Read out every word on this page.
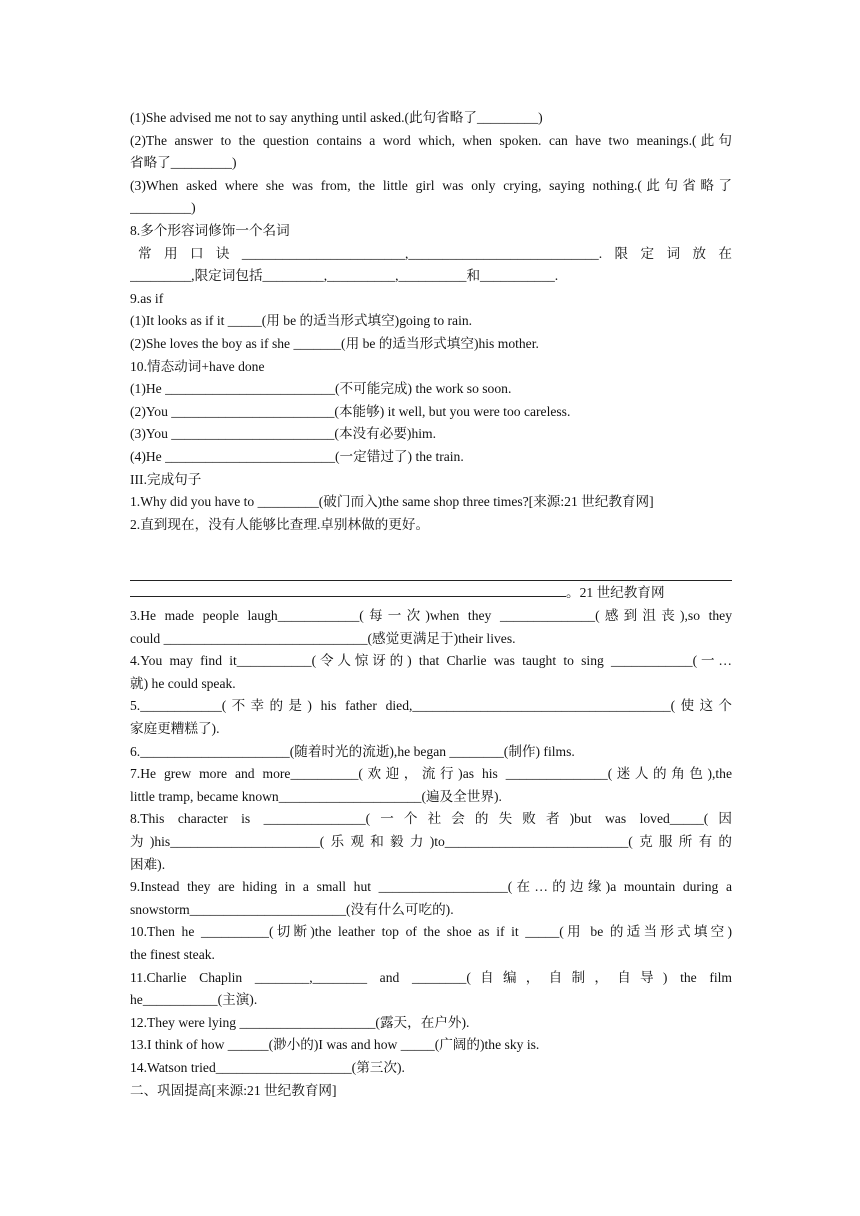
(1)She advised me not to say anything until asked.(此句省略了_________)
(2)The answer to the question contains a word which, when spoken. can have two meanings.(此句
省略了_________)
(3)When asked where she was from, the little girl was only crying, saying nothing.(此句省略了
_________)
8.多个形容词修饰一个名词
常用口诀________________________,____________________________.限定词放在
_________,限定词包括_________,__________,__________和___________.
9.as if
(1)It looks as if it _____(用 be 的适当形式填空)going to rain.
(2)She loves the boy as if she _______(用 be 的适当形式填空)his mother.
10.情态动词+have done
(1)He _________________________(不可能完成) the work so soon.
(2)You ________________________(本能够) it well, but you were too careless.
(3)You ________________________(本没有必要)him.
(4)He _________________________(一定错过了) the train.
III.完成句子
1.Why did you have to _________(破门而入)the same shop three times?[来源:21 世纪教育网]
2.直到现在，没有人能够比查理.卓别林做的更好。
。21 世纪教育网
3.He made people laugh____________(每一次)when they ______________(感到沮丧),so they
could ______________________________(感觉更满足于)their lives.
4.You may find it___________(令人惊讶的) that Charlie was taught to sing ____________(一…
就) he could speak.
5.____________(不幸的是) his father died,______________________________________(使这个
家庭更糟糕了).
6.______________________(随着时光的流逝),he began ________(制作) films.
7.He grew more and more__________(欢迎，流行)as his _______________(迷人的角色),the
little tramp, became known_____________________(遍及全世界).
8.This character is _______________(一个社会的失败者)but was loved_____(因
为)his______________________(乐观和毅力)to___________________________(克服所有的
困难).
9.Instead they are hiding in a small hut ___________________(在…的边缘)a mountain during a
snowstorm_______________________(没有什么可吃的).
10.Then he __________(切断)the leather top of the shoe as if it _____(用 be 的适当形式填空)
the finest steak.
11.Charlie Chaplin ________,________ and ________(自编，自制，自导) the film
he___________(主演).
12.They were lying ____________________(露天，在户外).
13.I think of how ______(渺小的)I was and how _____(广阔的)the sky is.
14.Watson tried____________________(第三次).
二、巩固提高[来源:21 世纪教育网]
